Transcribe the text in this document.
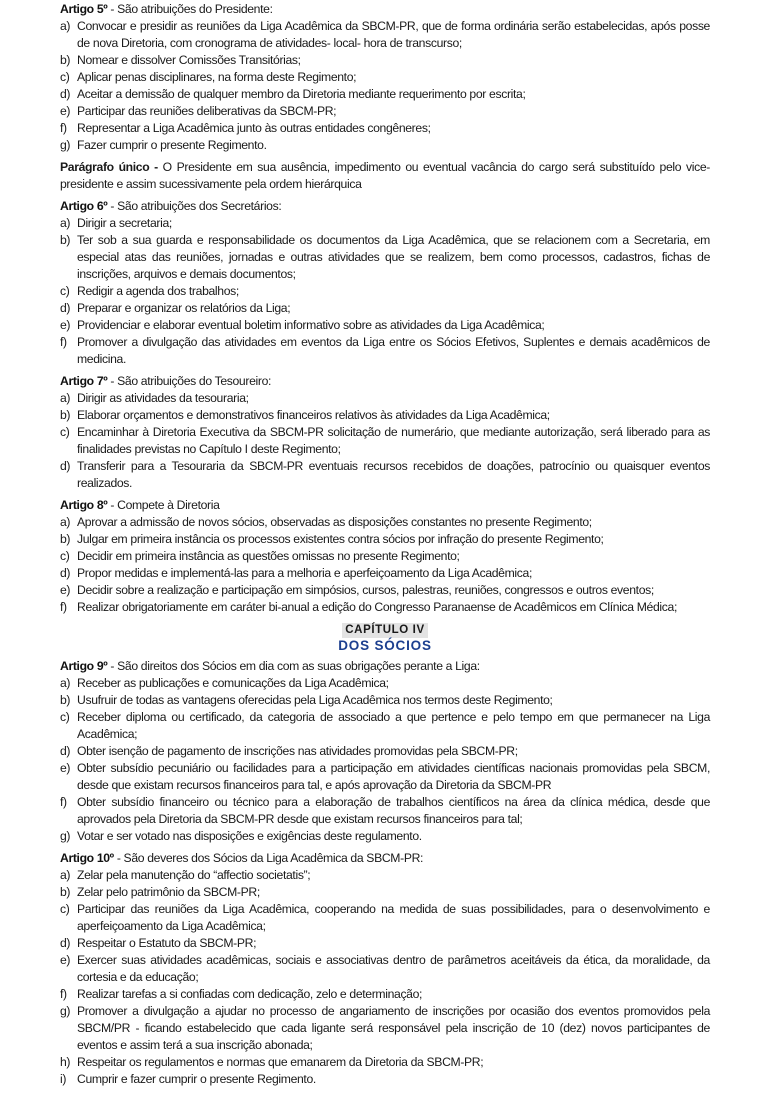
Artigo 5º - São atribuições do Presidente:
a) Convocar e presidir as reuniões da Liga Acadêmica da SBCM-PR, que de forma ordinária serão estabelecidas, após posse de nova Diretoria, com cronograma de atividades- local- hora de transcurso;
b) Nomear e dissolver Comissões Transitórias;
c) Aplicar penas disciplinares, na forma deste Regimento;
d) Aceitar a demissão de qualquer membro da Diretoria mediante requerimento por escrita;
e) Participar das reuniões deliberativas da SBCM-PR;
f) Representar a Liga Acadêmica junto às outras entidades congêneres;
g) Fazer cumprir o presente Regimento.
Parágrafo único - O Presidente em sua ausência, impedimento ou eventual vacância do cargo será substituído pelo vice-presidente e assim sucessivamente pela ordem hierárquica
Artigo 6º - São atribuições dos Secretários:
a) Dirigir a secretaria;
b) Ter sob a sua guarda e responsabilidade os documentos da Liga Acadêmica, que se relacionem com a Secretaria, em especial atas das reuniões, jornadas e outras atividades que se realizem, bem como processos, cadastros, fichas de inscrições, arquivos e demais documentos;
c) Redigir a agenda dos trabalhos;
d) Preparar e organizar os relatórios da Liga;
e) Providenciar e elaborar eventual boletim informativo sobre as atividades da Liga Acadêmica;
f) Promover a divulgação das atividades em eventos da Liga entre os Sócios Efetivos, Suplentes e demais acadêmicos de medicina.
Artigo 7º - São atribuições do Tesoureiro:
a) Dirigir as atividades da tesouraria;
b) Elaborar orçamentos e demonstrativos financeiros relativos às atividades da Liga Acadêmica;
c) Encaminhar à Diretoria Executiva da SBCM-PR solicitação de numerário, que mediante autorização, será liberado para as finalidades previstas no Capítulo I deste Regimento;
d) Transferir para a Tesouraria da SBCM-PR eventuais recursos recebidos de doações, patrocínio ou quaisquer eventos realizados.
Artigo 8º - Compete à Diretoria
a) Aprovar a admissão de novos sócios, observadas as disposições constantes no presente Regimento;
b) Julgar em primeira instância os processos existentes contra sócios por infração do presente Regimento;
c) Decidir em primeira instância as questões omissas no presente Regimento;
d) Propor medidas e implementá-las para a melhoria e aperfeiçoamento da Liga Acadêmica;
e) Decidir sobre a realização e participação em simpósios, cursos, palestras, reuniões, congressos e outros eventos;
f) Realizar obrigatoriamente em caráter bi-anual a edição do Congresso Paranaense de Acadêmicos em Clínica Médica;
CAPÍTULO IV
DOS SÓCIOS
Artigo 9º - São direitos dos Sócios em dia com as suas obrigações perante a Liga:
a) Receber as publicações e comunicações da Liga Acadêmica;
b) Usufruir de todas as vantagens oferecidas pela Liga Acadêmica nos termos deste Regimento;
c) Receber diploma ou certificado, da categoria de associado a que pertence e pelo tempo em que permanecer na Liga Acadêmica;
d) Obter isenção de pagamento de inscrições nas atividades promovidas pela SBCM-PR;
e) Obter subsídio pecuniário ou facilidades para a participação em atividades científicas nacionais promovidas pela SBCM, desde que existam recursos financeiros para tal, e após aprovação da Diretoria da SBCM-PR
f) Obter subsídio financeiro ou técnico para a elaboração de trabalhos científicos na área da clínica médica, desde que aprovados pela Diretoria da SBCM-PR desde que existam recursos financeiros para tal;
g) Votar e ser votado nas disposições e exigências deste regulamento.
Artigo 10º - São deveres dos Sócios da Liga Acadêmica da SBCM-PR:
a) Zelar pela manutenção do “affectio societatis”;
b) Zelar pelo patrimônio da SBCM-PR;
c) Participar das reuniões da Liga Acadêmica, cooperando na medida de suas possibilidades, para o desenvolvimento e aperfeiçoamento da Liga Acadêmica;
d) Respeitar o Estatuto da SBCM-PR;
e) Exercer suas atividades acadêmicas, sociais e associativas dentro de parâmetros aceitáveis da ética, da moralidade, da cortesia e da educação;
f) Realizar tarefas a si confiadas com dedicação, zelo e determinação;
g) Promover a divulgação a ajudar no processo de angariamento de inscrições por ocasião dos eventos promovidos pela SBCM/PR - ficando estabelecido que cada ligante será responsável pela inscrição de 10 (dez) novos participantes de eventos e assim terá a sua inscrição abonada;
h) Respeitar os regulamentos e normas que emanarem da Diretoria da SBCM-PR;
i) Cumprir e fazer cumprir o presente Regimento.
